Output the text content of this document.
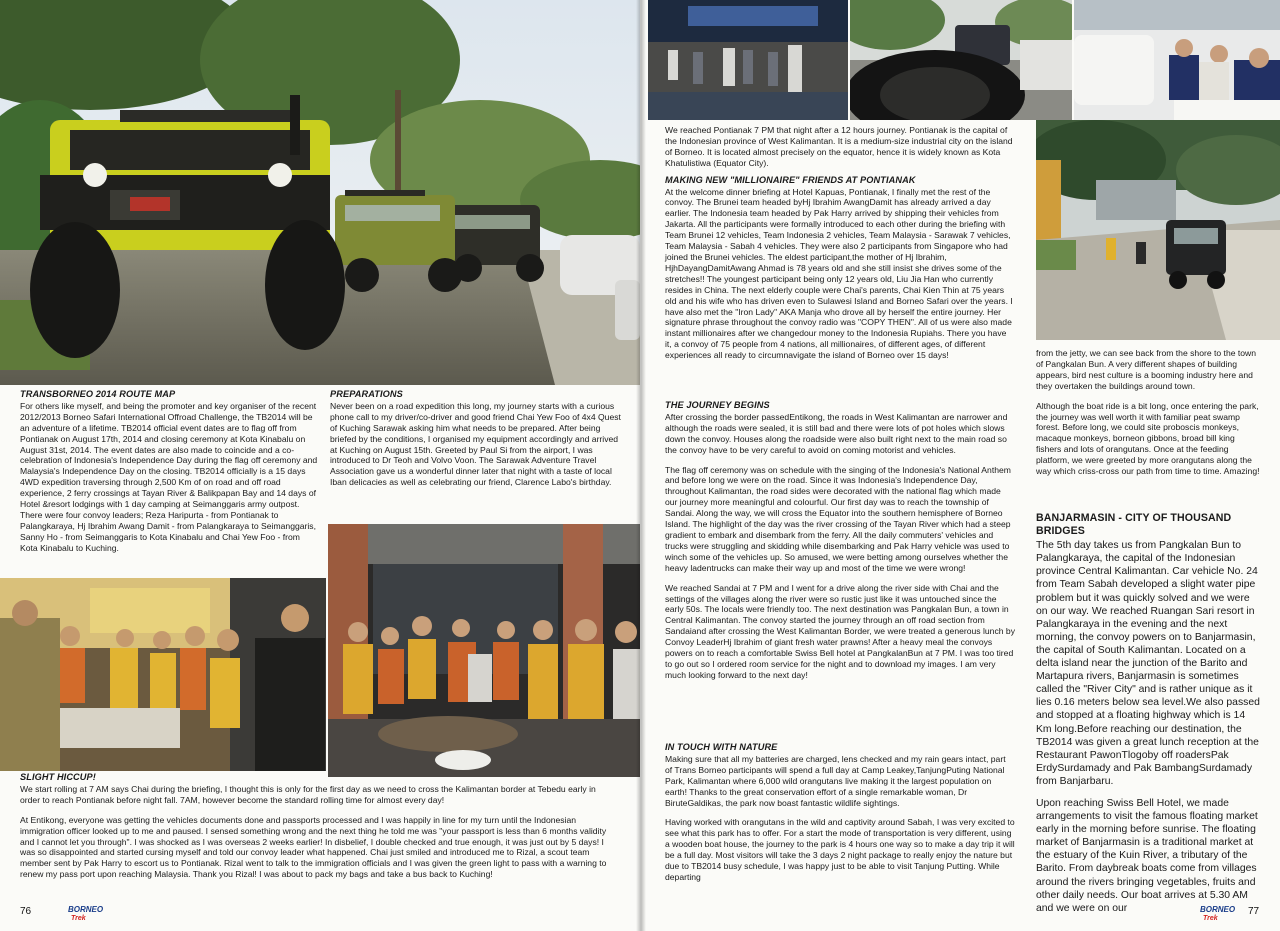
TRANSBORNEO 2014 ROUTE MAP

For others like myself, and being the promoter and key organiser of the recent 2012/2013 Borneo Safari International Offroad Challenge, the TB2014 will be an adventure of a lifetime. TB2014 official event dates are to flag off from Pontianak on August 17th, 2014 and closing ceremony at Kota Kinabalu on August 31st, 2014. The event dates are also made to coincide and a co-celebration of Indonesia's Independence Day during the flag off ceremony and Malaysia's Independence Day on the closing. TB2014 officially is a 15 days 4WD expedition traversing through 2,500 Km of on road and off road experience, 2 ferry crossings at Tayan River & Balikpapan Bay and 14 days of Hotel &resort lodgings with 1 day camping at Seimanggaris army outpost. There were four convoy leaders; Reza Haripurta - from Pontianak to Palangkaraya, Hj Ibrahim Awang Damit - from Palangkaraya to Seimanggaris, Sanny Ho - from Seimanggaris to Kota Kinabalu and Chai Yew Foo - from Kota Kinabalu to Kuching.

PREPARATIONS

Never been on a road expedition this long, my journey starts with a curious phone call to my driver/co-driver and good friend Chai Yew Foo of 4x4 Quest of Kuching Sarawak asking him what needs to be prepared. After being briefed by the conditions, I organised my equipment accordingly and arrived at Kuching on August 15th. Greeted by Paul Si from the airport, I was introduced to Dr Teoh and Volvo Voon. The Sarawak Adventure Travel Association gave us a wonderful dinner later that night with a taste of local Iban delicacies as well as celebrating our friend, Clarence Labo's birthday.

SLIGHT HICCUP!

We start rolling at 7 AM says Chai during the briefing, I thought this is only for the first day as we need to cross the Kalimantan border at Tebedu early in order to reach Pontianak before night fall. 7AM, however become the standard rolling time for almost every day!

At Entikong, everyone was getting the vehicles documents done and passports processed and I was happily in line for my turn until the Indonesian immigration officer looked up to me and paused. I sensed something wrong and the next thing he told me was "your passport is less than 6 months validity and I cannot let you through". I was shocked as I was overseas 2 weeks earlier! In disbelief, I double checked and true enough, it was just out by 5 days! I was so disappointed and started cursing myself and told our convoy leader what happened. Chai just smiled and introduced me to Rizal, a scout team member sent by Pak Harry to escort us to Pontianak. Rizal went to talk to the immigration officials and I was given the green light to pass with a warning to renew my pass port upon reaching Malaysia. Thank you Rizal! I was about to pack my bags and take a bus back to Kuching!

76	BORNEO
Trek

We reached Pontianak 7 PM that night after a 12 hours journey. Pontianak is the capital of the Indonesian province of West Kalimantan. It is a medium-size industrial city on the island of Borneo. It is located almost precisely on the equator, hence it is widely known as Kota Khatulistiwa (Equator City).

MAKING NEW "MILLIONAIRE" FRIENDS AT PONTIANAK

At the welcome dinner briefing at Hotel Kapuas, Pontianak, I finally met the rest of the convoy. The Brunei team headed byHj Ibrahim AwangDamit has already arrived a day earlier. The Indonesia team headed by Pak Harry arrived by shipping their vehicles from Jakarta. All the participants were formally introduced to each other during the briefing with Team Brunei 12 vehicles, Team Indonesia 2 vehicles, Team Malaysia - Sarawak 7 vehicles, Team Malaysia - Sabah 4 vehicles. They were also 2 participants from Singapore who had joined the Brunei vehicles. The eldest participant,the mother of Hj Ibrahim, HjhDayangDamitAwang Ahmad is 78 years old and she still insist she drives some of the stretches!! The youngest participant being only 12 years old, Liu Jia Han who currently resides in China. The next elderly couple were Chai's parents, Chai Kien Thin at 75 years old and his wife who has driven even to Sulawesi Island and Borneo Safari over the years. I have also met the "Iron Lady" AKA Manja who drove all by herself the entire journey. Her signature phrase throughout the convoy radio was "COPY THEN". All of us were also made instant millionaires after we changedour money to the Indonesia Rupiahs. There you have it, a convoy of 75 people from 4 nations, all millionaires, of different ages, of different experiences all ready to circumnavigate the island of Borneo over 15 days!

THE JOURNEY BEGINS

After crossing the border passedEntikong, the roads in West Kalimantan are narrower and although the roads were sealed, it is still bad and there were lots of pot holes which slows down the convoy. Houses along the roadside were also built right next to the main road so the convoy have to be very careful to avoid on coming motorist and vehicles.

The flag off ceremony was on schedule with the singing of the Indonesia's National Anthem and before long we were on the road. Since it was Indonesia's Independence Day, throughout Kalimantan, the road sides were decorated with the national flag which made our journey more meaningful and colourful. Our first day was to reach the township of Sandai. Along the way, we will cross the Equator into the southern hemisphere of Borneo Island. The highlight of the day was the river crossing of the Tayan River which had a steep gradient to embark and disembark from the ferry. All the daily commuters' vehicles and trucks were struggling and skidding while disembarking and Pak Harry vehicle was used to winch some of the vehicles up. So amused, we were betting among ourselves whether the heavy ladentrucks can make their way up and most of the time we were wrong!

We reached Sandai at 7 PM and I went for a drive along the river side with Chai and the settings of the villages along the river were so rustic just like it was untouched since the early 50s. The locals were friendly too. The next destination was Pangkalan Bun, a town in Central Kalimantan. The convoy started the journey through an off road section from Sandaiand after crossing the West Kalimantan Border, we were treated a generous lunch by Convoy LeaderHj Ibrahim of giant fresh water prawns! After a heavy meal the convoys powers on to reach a comfortable Swiss Bell hotel at PangkalanBun at 7 PM. I was too tired to go out so I ordered room service for the night and to download my images. I am very much looking forward to the next day!

IN TOUCH WITH NATURE

Making sure that all my batteries are charged, lens checked and my rain gears intact, part of Trans Borneo participants will spend a full day at Camp Leakey,TanjungPuting National Park, Kalimantan where 6,000 wild orangutans live making it the largest population on earth! Thanks to the great conservation effort of a single remarkable woman, Dr BiruteGaldikas, the park now boast fantastic wildlife sightings.

Having worked with orangutans in the wild and captivity around Sabah, I was very excited to see what this park has to offer. For a start the mode of transportation is very different, using a wooden boat house, the journey to the park is 4 hours one way so to make a day trip it will be a full day. Most visitors will take the 3 days 2 night package to really enjoy the nature but due to TB2014 busy schedule, I was happy just to be able to visit Tanjung Putting. While departing

from the jetty, we can see back from the shore to the town of Pangkalan Bun. A very different shapes of building appears, bird nest culture is a booming industry here and they overtaken the buildings around town.

Although the boat ride is a bit long, once entering the park, the journey was well worth it with familiar peat swamp forest. Before long, we could site proboscis monkeys, macaque monkeys, borneon gibbons, broad bill king fishers and lots of orangutans. Once at the feeding platform, we were greeted by more orangutans along the way which criss-cross our path from time to time. Amazing!

BANJARMASIN - CITY OF THOUSAND BRIDGES

The 5th day takes us from Pangkalan Bun to Palangkaraya, the capital of the Indonesian province Central Kalimantan. Car vehicle No. 24 from Team Sabah developed a slight water pipe problem but it was quickly solved and we were on our way. We reached Ruangan Sari resort in Palangkaraya in the evening and the next morning, the convoy powers on to Banjarmasin, the capital of South Kalimantan. Located on a delta island near the junction of the Barito and Martapura rivers, Banjarmasin is sometimes called the "River City" and is rather unique as it lies 0.16 meters below sea level.We also passed and stopped at a floating highway which is 14 Km long.Before reaching our destination, the TB2014 was given a great lunch reception at the Restaurant PawonTlogoby off roadersPak ErdySurdamady and Pak BambangSurdamady from Banjarbaru.

Upon reaching Swiss Bell Hotel, we made arrangements to visit the famous floating market early in the morning before sunrise. The floating market of Banjarmasin is a traditional market at the estuary of the Kuin River, a tributary of the Barito. From daybreak boats come from villages around the rivers bringing vegetables, fruits and other daily needs. Our boat arrives at 5.30 AM and we were on our	BORNEO
Trek
77
